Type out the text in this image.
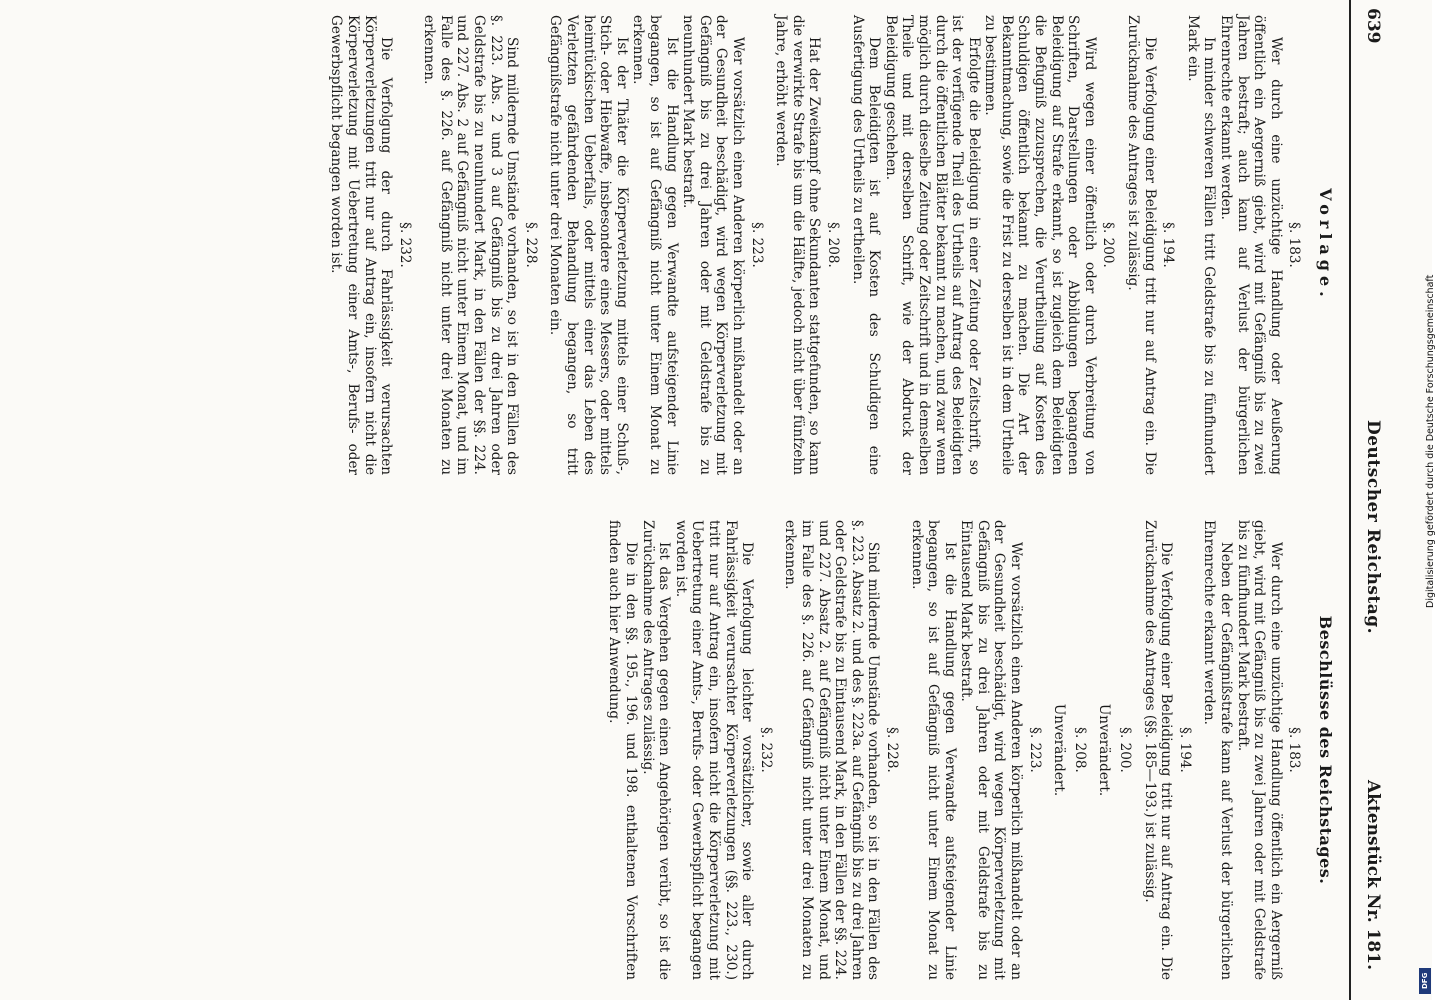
639
Deutscher Reichstag.
Aktenstück Nr. 181.
Vorlage.
§. 183.

Wer durch eine unzüchtige Handlung oder Aeußerung öffentlich ein Aergerniß giebt, wird mit Gefängniß bis zu zwei Jahren bestraft; auch kann auf Verlust der bürgerlichen Ehrenrechte erkannt werden.

In minder schweren Fällen tritt Geldstrafe bis zu fünfhundert Mark ein.

§. 194.

Die Verfolgung einer Beleidigung tritt nur auf Antrag ein. Die Zurücknahme des Antrages ist zulässig.

§. 200.

Wird wegen einer öffentlich oder durch Verbreitung von Schriften, Darstellungen oder Abbildungen begangenen Beleidigung auf Strafe erkannt, so ist zugleich dem Beleidigten die Befugniß zuzusprechen, die Verurtheilung auf Kosten des Schuldigen öffentlich bekannt zu machen. Die Art der Bekanntmachung, sowie die Frist zu derselben ist in dem Urtheile zu bestimmen.

Erfolgte die Beleidigung in einer Zeitung oder Zeitschrift, so ist der verfügende Theil des Urtheils auf Antrag des Beleidigten durch die öffentlichen Blätter bekannt zu machen, und zwar wenn möglich durch dieselbe Zeitung oder Zeitschrift und in demselben Theile und mit derselben Schrift, wie der Abdruck der Beleidigung geschehen.

Dem Beleidigten ist auf Kosten des Schuldigen eine Ausfertigung des Urtheils zu ertheilen.

§. 208.

Hat der Zweikampf ohne Sekundanten stattgefunden, so kann die verwirkte Strafe bis um die Hälfte, jedoch nicht über fünfzehn Jahre, erhöht werden.

§. 223.

Wer vorsätzlich einen Anderen körperlich mißhandelt oder an der Gesundheit beschädigt, wird wegen Körperverletzung mit Gefängniß bis zu drei Jahren oder mit Geldstrafe bis zu neunhundert Mark bestraft.

Ist die Handlung gegen Verwandte aufsteigender Linie begangen, so ist auf Gefängniß nicht unter Einem Monat zu erkennen.

Ist der Thäter die Körperverletzung mittels einer Schuß-, Stich- oder Hiebwaffe, insbesondere eines Messers, oder mittels heimtückischen Ueberfalls, oder mittels einer das Leben des Verletzten gefährdenden Behandlung begangen, so tritt Gefängnißstrafe nicht unter drei Monaten ein.

§. 228.

Sind mildernde Umstände vorhanden, so ist in den Fällen des §. 223. Abs. 2 und 3 auf Gefängniß bis zu drei Jahren oder Geldstrafe bis zu neunhundert Mark, in den Fällen der §§. 224. und 227. Abs. 2 auf Gefängniß nicht unter Einem Monat, und im Falle des §. 226. auf Gefängniß nicht unter drei Monaten zu erkennen.

§. 232.

Die Verfolgung der durch Fahrlässigkeit verursachten Körperverletzungen tritt nur auf Antrag ein, insofern nicht die Körperverletzung mit Uebertretung einer Amts-, Berufs- oder Gewerbspflicht begangen worden ist.

Beschlüsse des Reichstages.
§. 183.

Wer durch eine unzüchtige Handlung öffentlich ein Aergerniß giebt, wird mit Gefängniß bis zu zwei Jahren oder mit Geldstrafe bis zu fünfhundert Mark bestraft.

Neben der Gefängnißstrafe kann auf Verlust der bürgerlichen Ehrenrechte erkannt werden.

§. 194.

Die Verfolgung einer Beleidigung tritt nur auf Antrag ein. Die Zurücknahme des Antrages (§§. 185—193.) ist zulässig.

§. 200.
Unverändert.
§. 208.
Unverändert.
§. 223.

Wer vorsätzlich einen Anderen körperlich mißhandelt oder an der Gesundheit beschädigt, wird wegen Körperverletzung mit Gefängniß bis zu drei Jahren oder mit Geldstrafe bis zu Eintausend Mark bestraft.

Ist die Handlung gegen Verwandte aufsteigender Linie begangen, so ist auf Gefängniß nicht unter Einem Monat zu erkennen.

§. 228.

Sind mildernde Umstände vorhanden, so ist in den Fällen des §. 223. Absatz 2. und des §. 223a. auf Gefängniß bis zu drei Jahren oder Geldstrafe bis zu Eintausend Mark, in den Fällen der §§. 224. und 227. Absatz 2. auf Gefängniß nicht unter Einem Monat, und im Falle des §. 226. auf Gefängniß nicht unter drei Monaten zu erkennen.

§. 232.

Die Verfolgung leichter vorsätzlicher, sowie aller durch Fahrlässigkeit verursachter Körperverletzungen (§§. 223., 230.) tritt nur auf Antrag ein, insofern nicht die Körperverletzung mit Uebertretung einer Amts-, Berufs- oder Gewerbspflicht begangen worden ist.

Ist das Vergehen gegen einen Angehörigen verübt, so ist die Zurücknahme des Antrages zulässig.

Die in den §§. 195., 196. und 198. enthaltenen Vorschriften finden auch hier Anwendung.

Digitalisierung gefördert durch die Deutsche Forschungsgemeinschaft
DFG
